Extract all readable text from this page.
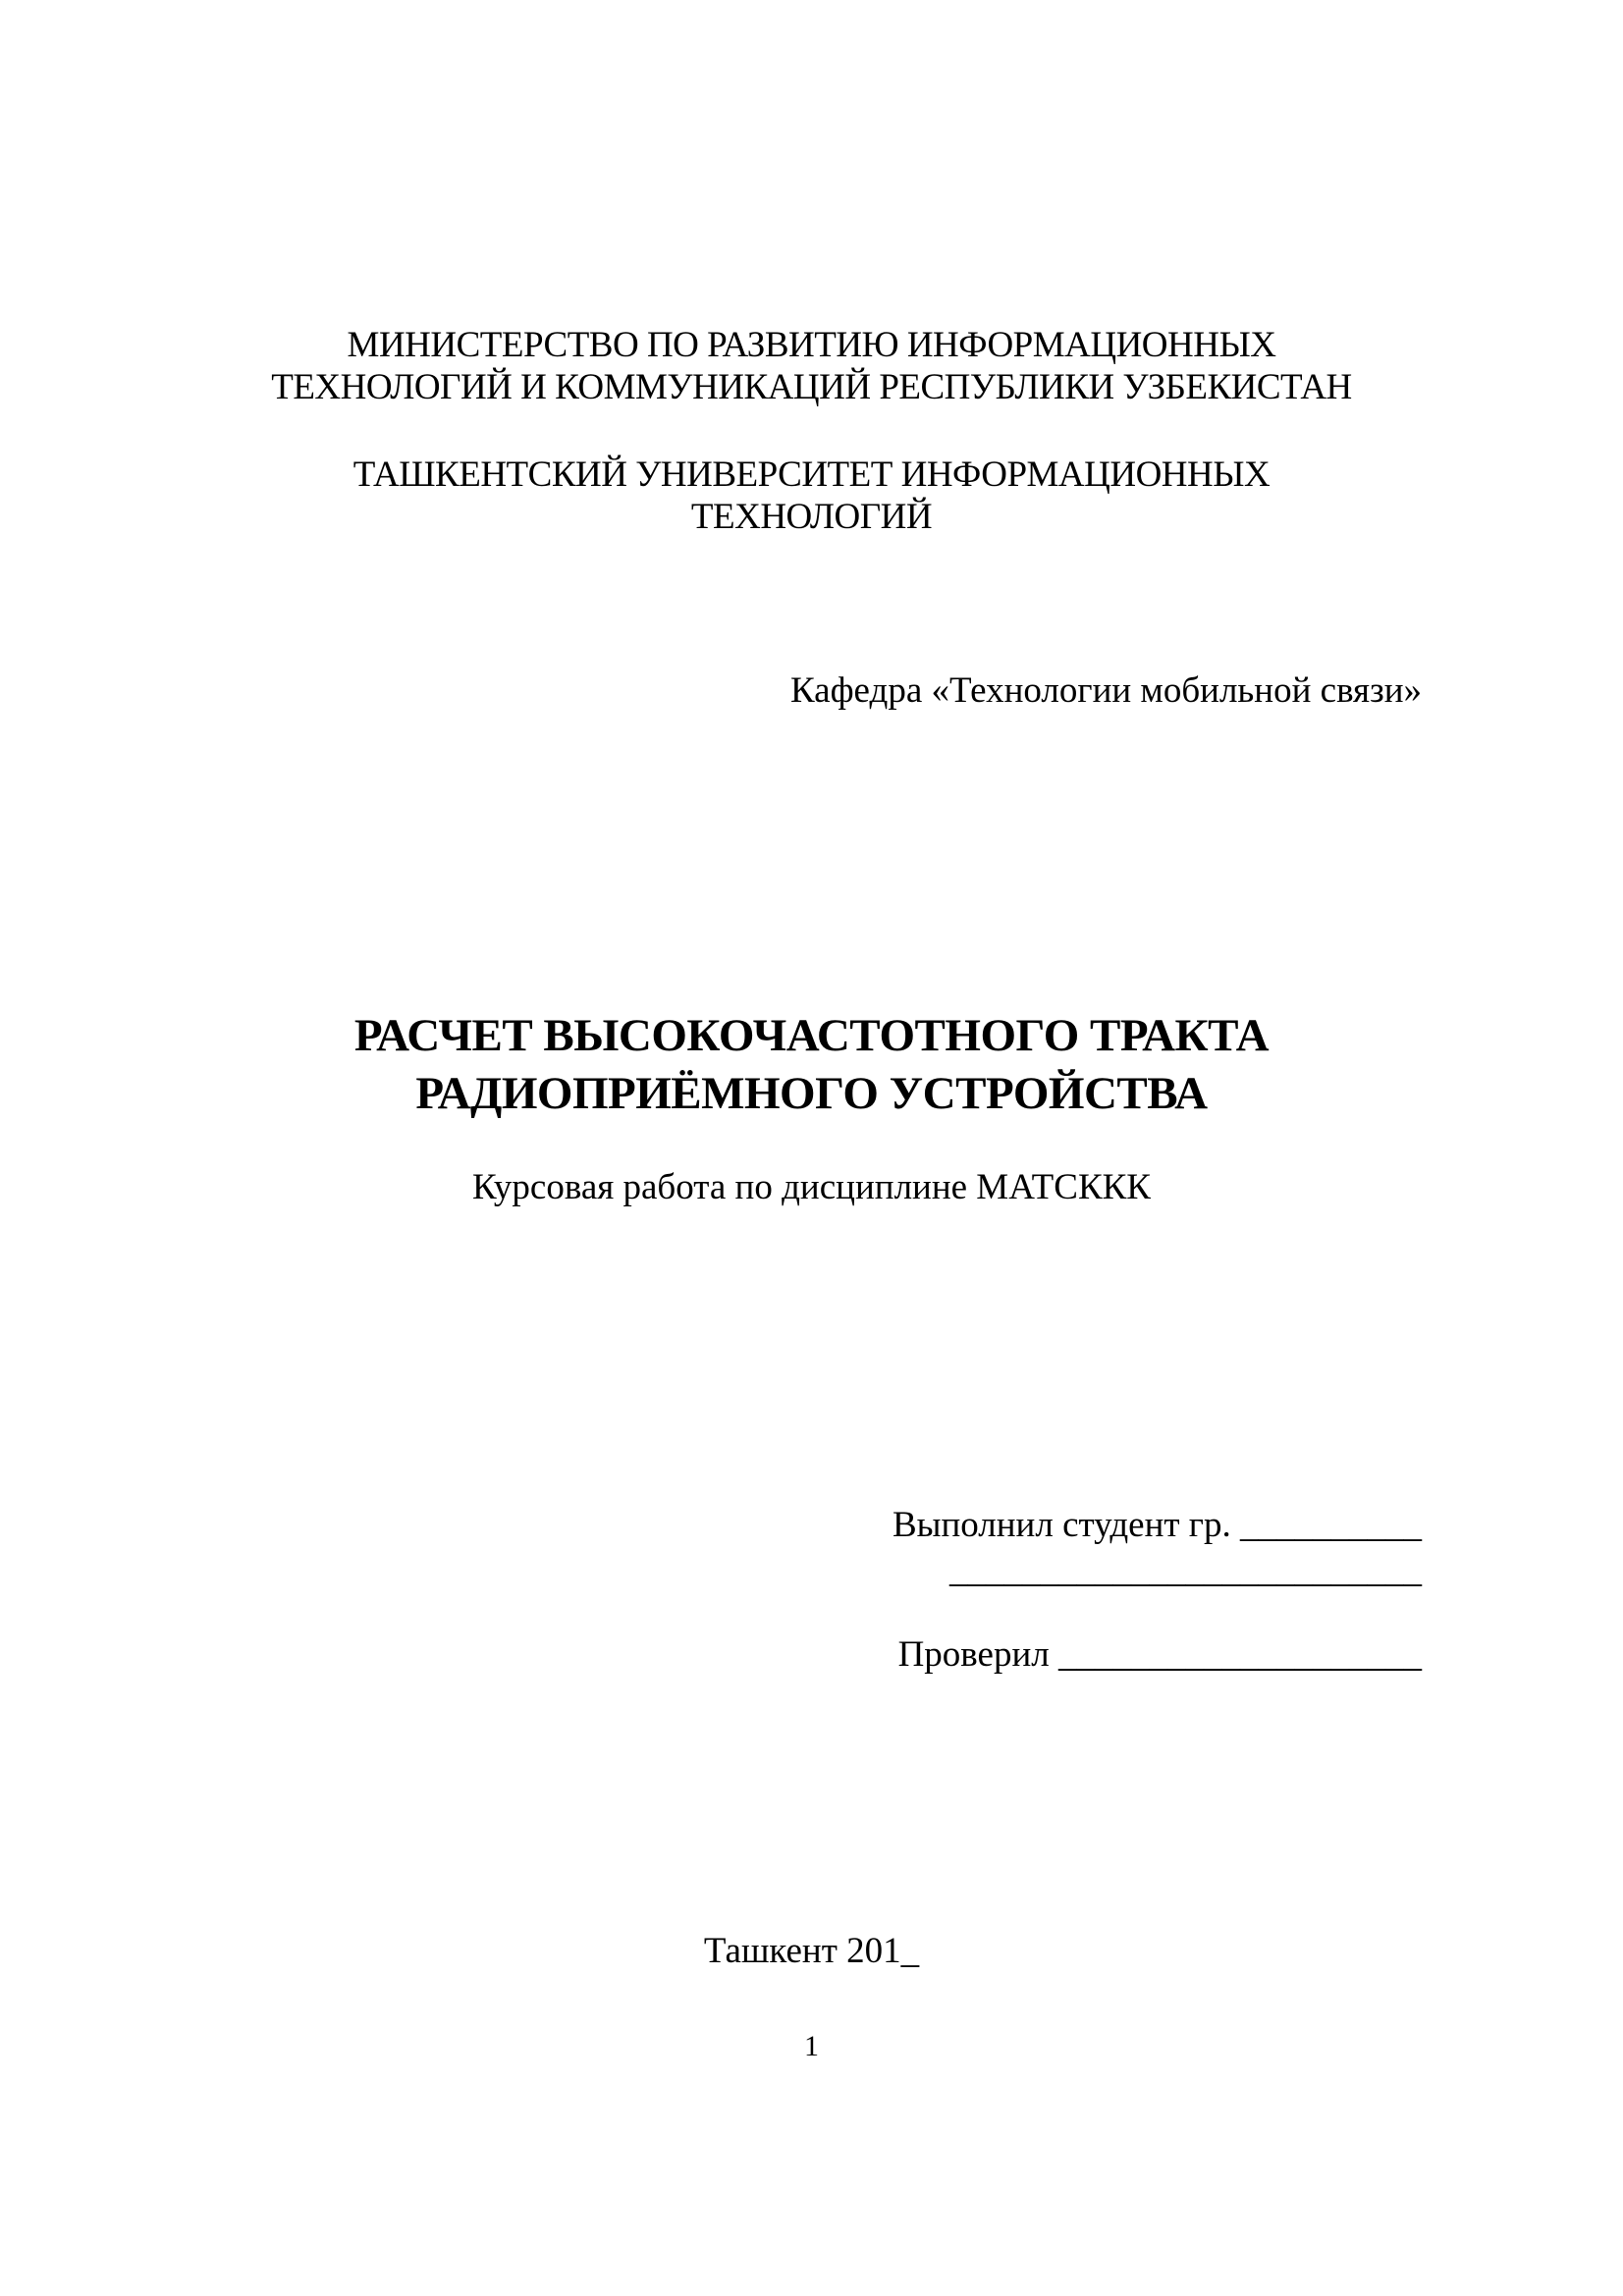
МИНИСТЕРСТВО ПО РАЗВИТИЮ ИНФОРМАЦИОННЫХ
ТЕХНОЛОГИЙ И КОММУНИКАЦИЙ РЕСПУБЛИКИ УЗБЕКИСТАН
ТАШКЕНТСКИЙ УНИВЕРСИТЕТ ИНФОРМАЦИОННЫХ
ТЕХНОЛОГИЙ
Кафедра «Технологии мобильной связи»
РАСЧЕТ ВЫСОКОЧАСТОТНОГО ТРАКТА
РАДИОПРИЁМНОГО УСТРОЙСТВА
Курсовая работа по дисциплине МАТСККК
Выполнил студент гр. __________
__________________________
Проверил ____________________
Ташкент 201_
1
